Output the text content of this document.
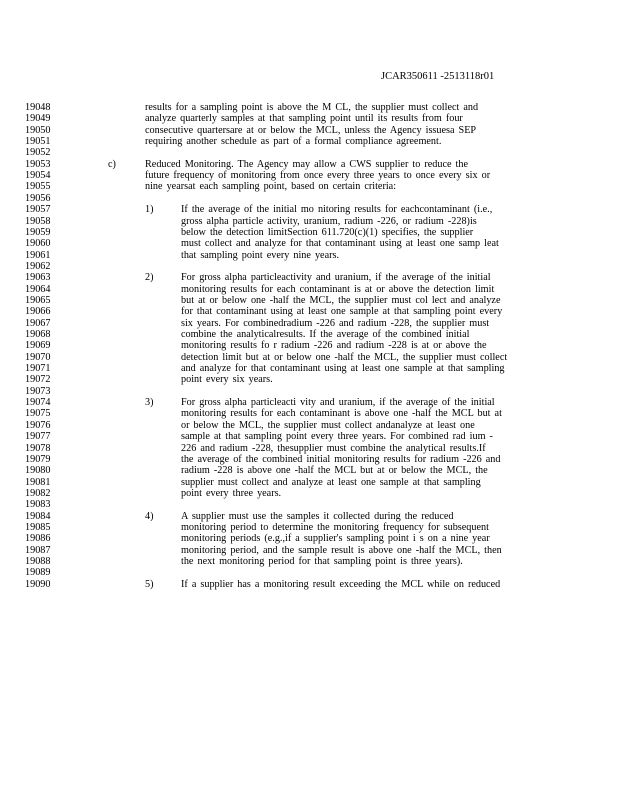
JCAR350611 -2513118r01
19048	results for a sampling point is above the M CL, the supplier must collect and
19049	analyze quarterly samples at that sampling point until its results from four
19050	consecutive quartersare at or below the MCL, unless the Agency issuesa SEP
19051	requiring another schedule as part of a formal compliance agreement.
19052
19053	c)	Reduced Monitoring. The Agency may allow a CWS supplier to reduce the
19054	future frequency of monitoring from once every three years to once every six or
19055	nine yearsat each sampling point, based on certain criteria:
19056
19057	1)	If the average of the initial mo nitoring results for eachcontaminant (i.e.,
19058	gross alpha particle activity, uranium, radium -226, or radium -228)is
19059	below the detection limitSection 611.720(c)(1) specifies, the supplier
19060	must collect and analyze for that contaminant using at least one samp leat
19061	that sampling point every nine years.
19062
19063	2)	For gross alpha particleactivity and uranium, if the average of the initial
19064	monitoring results for each contaminant is at or above the detection limit
19065	but at or below one -half the MCL, the supplier must col lect and analyze
19066	for that contaminant using at least one sample at that sampling point every
19067	six years. For combinedradium -226 and radium -228, the supplier must
19068	combine the analyticalresults. If the average of the combined initial
19069	monitoring results fo r radium -226 and radium -228 is at or above the
19070	detection limit but at or below one -half the MCL, the supplier must collect
19071	and analyze for that contaminant using at least one sample at that sampling
19072	point every six years.
19073
19074	3)	For gross alpha particleacti vity and uranium, if the average of the initial
19075	monitoring results for each contaminant is above one -half the MCL but at
19076	or below the MCL, the supplier must collect andanalyze at least one
19077	sample at that sampling point every three years. For combined rad ium -
19078	226 and radium -228, thesupplier must combine the analytical results.If
19079	the average of the combined initial monitoring results for radium -226 and
19080	radium -228 is above one -half the MCL but at or below the MCL, the
19081	supplier must collect and analyze at least one sample at that sampling
19082	point every three years.
19083
19084	4)	A supplier must use the samples it collected during the reduced
19085	monitoring period to determine the monitoring frequency for subsequent
19086	monitoring periods (e.g.,if a supplier's sampling point i s on a nine year
19087	monitoring period, and the sample result is above one -half the MCL, then
19088	the next monitoring period for that sampling point is three years).
19089
19090	5)	If a supplier has a monitoring result exceeding the MCL while on reduced
